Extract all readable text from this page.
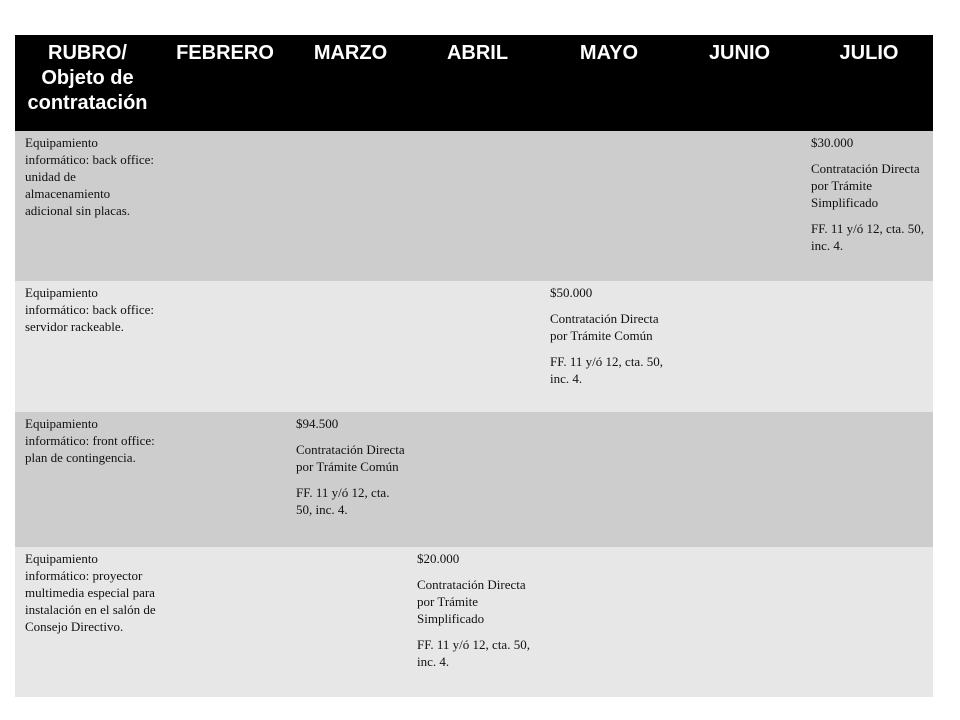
RUBRO/ Objeto de contratación	FEBRERO	MARZO	ABRIL	MAYO	JUNIO	JULIO
Equipamiento informático: back office: unidad de almacenamiento adicional sin placas.						$30.000
Contratación Directa por Trámite Simplificado
FF. 11 y/ó 12, cta. 50, inc. 4.

Equipamiento informático: back office: servidor rackeable.				$50.000
Contratación Directa por Trámite Común
FF. 11 y/ó 12, cta. 50, inc. 4.		

Equipamiento informático: front office: plan de contingencia.		$94.500
Contratación Directa por Trámite Común
FF. 11 y/ó 12, cta. 50, inc. 4.				

Equipamiento informático: proyector multimedia especial para instalación en el salón de Consejo Directivo.			$20.000
Contratación Directa por Trámite Simplificado
FF. 11 y/ó 12, cta. 50, inc. 4.			
